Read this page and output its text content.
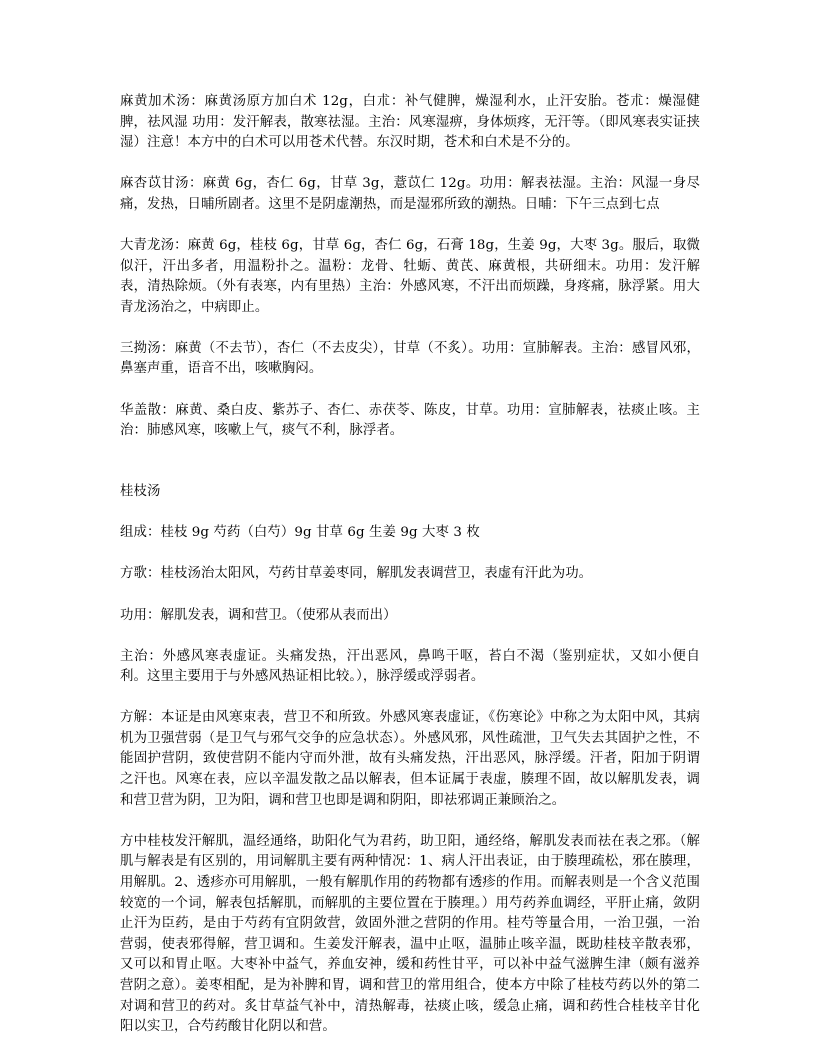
麻黄加术汤：麻黄汤原方加白术 12g，白朮：补气健脾，燥湿利水，止汗安胎。苍朮：燥湿健脾，祛风湿 功用：发汗解表，散寒祛湿。主治：风寒湿痹，身体烦疼，无汗等。（即风寒表实证挟湿）注意！本方中的白术可以用苍术代替。东汉时期，苍术和白术是不分的。

麻杏苡甘汤：麻黄 6g，杏仁 6g，甘草 3g，薏苡仁 12g。功用：解表祛湿。主治：风湿一身尽痛，发热，日晡所剧者。这里不是阴虚潮热，而是湿邪所致的潮热。日晡：下午三点到七点

大青龙汤：麻黄 6g，桂枝 6g，甘草 6g，杏仁 6g，石膏 18g，生姜 9g，大枣 3g。服后，取微似汗，汗出多者，用温粉扑之。温粉：龙骨、牡蛎、黄芪、麻黄根，共研细末。功用：发汗解表，清热除烦。（外有表寒，内有里热）主治：外感风寒，不汗出而烦躁，身疼痛，脉浮紧。用大青龙汤治之，中病即止。

三拗汤：麻黄（不去节），杏仁（不去皮尖），甘草（不炙）。功用：宣肺解表。主治：感冒风邪，鼻塞声重，语音不出，咳嗽胸闷。

华盖散：麻黄、桑白皮、紫苏子、杏仁、赤茯苓、陈皮，甘草。功用：宣肺解表，祛痰止咳。主治：肺感风寒，咳嗽上气，痰气不利，脉浮者。

桂枝汤

组成：桂枝 9g 芍药（白芍）9g 甘草 6g 生姜 9g 大枣 3 枚

方歌：桂枝汤治太阳风，芍药甘草姜枣同，解肌发表调营卫，表虚有汗此为功。

功用：解肌发表，调和营卫。（使邪从表而出）

主治：外感风寒表虚证。头痛发热，汗出恶风，鼻鸣干呕，苔白不渴（鉴别症状，又如小便自利。这里主要用于与外感风热证相比较。），脉浮缓或浮弱者。

方解：本证是由风寒束表，营卫不和所致。外感风寒表虚证，《伤寒论》中称之为太阳中风，其病机为卫强营弱（是卫气与邪气交争的应急状态）。外感风邪，风性疏泄，卫气失去其固护之性，不能固护营阴，致使营阴不能内守而外泄，故有头痛发热，汗出恶风，脉浮缓。汗者，阳加于阴谓之汗也。风寒在表，应以辛温发散之品以解表，但本证属于表虚，腠理不固，故以解肌发表，调和营卫营为阴，卫为阳，调和营卫也即是调和阴阳，即祛邪调正兼顾治之。

方中桂枝发汗解肌，温经通络，助阳化气为君药，助卫阳，通经络，解肌发表而祛在表之邪。（解肌与解表是有区别的，用词解肌主要有两种情况：1、病人汗出表证，由于腠理疏松，邪在腠理，用解肌。2、透疹亦可用解肌，一般有解肌作用的药物都有透疹的作用。而解表则是一个含义范围较宽的一个词，解表包括解肌，而解肌的主要位置在于腠理。）用芍药养血调经，平肝止痛，敛阴止汗为臣药，是由于芍药有宜阴敛营，敛固外泄之营阴的作用。桂芍等量合用，一治卫强，一治营弱，使表邪得解，营卫调和。生姜发汗解表，温中止呕，温肺止咳辛温，既助桂枝辛散表邪，又可以和胃止呕。大枣补中益气，养血安神，缓和药性甘平，可以补中益气滋脾生津（颇有滋养营阴之意）。姜枣相配，是为补脾和胃，调和营卫的常用组合，使本方中除了桂枝芍药以外的第二对调和营卫的药对。炙甘草益气补中，清热解毒，祛痰止咳，缓急止痛，调和药性合桂枝辛甘化阳以实卫，合芍药酸甘化阴以和营。
